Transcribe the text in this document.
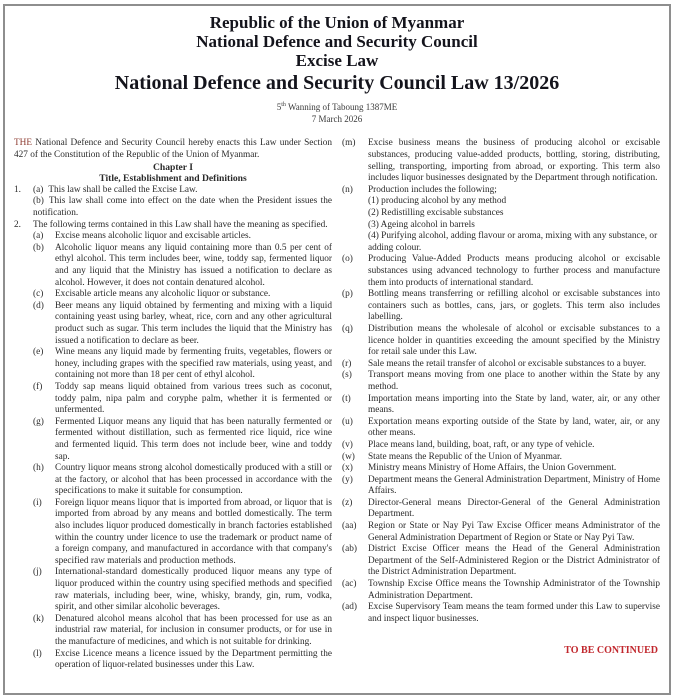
Republic of the Union of Myanmar
National Defence and Security Council
Excise Law
National Defence and Security Council Law 13/2026
5th Wanning of Taboung 1387ME
7 March 2026
THE National Defence and Security Council hereby enacts this Law under Section 427 of the Constitution of the Republic of the Union of Myanmar.
Chapter I
Title, Establishment and Definitions
1. (a) This law shall be called the Excise Law.
(b) This law shall come into effect on the date when the President issues the notification.
2. The following terms contained in this Law shall have the meaning as specified.
(a) Excise means alcoholic liquor and excisable articles.
(b) Alcoholic liquor means any liquid containing more than 0.5 per cent of ethyl alcohol. This term includes beer, wine, toddy sap, fermented liquor and any liquid that the Ministry has issued a notification to declare as alcohol. However, it does not contain denatured alcohol.
(c) Excisable article means any alcoholic liquor or substance.
(d) Beer means any liquid obtained by fermenting and mixing with a liquid containing yeast using barley, wheat, rice, corn and any other agricultural product such as sugar. This term includes the liquid that the Ministry has issued a notification to declare as beer.
(e) Wine means any liquid made by fermenting fruits, vegetables, flowers or honey, including grapes with the specified raw materials, using yeast, and containing not more than 18 per cent of ethyl alcohol.
(f) Toddy sap means liquid obtained from various trees such as coconut, toddy palm, nipa palm and coryphe palm, whether it is fermented or unfermented.
(g) Fermented Liquor means any liquid that has been naturally fermented or fermented without distillation, such as fermented rice liquid, rice wine and fermented liquid. This term does not include beer, wine and toddy sap.
(h) Country liquor means strong alcohol domestically produced with a still or at the factory, or alcohol that has been processed in accordance with the specifications to make it suitable for consumption.
(i) Foreign liquor means liquor that is imported from abroad, or liquor that is imported from abroad by any means and bottled domestically. The term also includes liquor produced domestically in branch factories established within the country under licence to use the trademark or product name of a foreign company, and manufactured in accordance with that company's specified raw materials and production methods.
(j) International-standard domestically produced liquor means any type of liquor produced within the country using specified methods and specified raw materials, including beer, wine, whisky, brandy, gin, rum, vodka, spirit, and other similar alcoholic beverages.
(k) Denatured alcohol means alcohol that has been processed for use as an industrial raw material, for inclusion in consumer products, or for use in the manufacture of medicines, and which is not suitable for drinking.
(l) Excise Licence means a licence issued by the Department permitting the operation of liquor-related businesses under this Law.
(m) Excise business means the business of producing alcohol or excisable substances, producing value-added products, bottling, storing, distributing, selling, transporting, importing from abroad, or exporting. This term also includes liquor businesses designated by the Department through notification.
(n) Production includes the following;
(1) producing alcohol by any method
(2) Redistilling excisable substances
(3) Ageing alcohol in barrels
(4) Purifying alcohol, adding flavour or aroma, mixing with any substance, or adding colour.
(o) Producing Value-Added Products means producing alcohol or excisable substances using advanced technology to further process and manufacture them into products of international standard.
(p) Bottling means transferring or refilling alcohol or excisable substances into containers such as bottles, cans, jars, or goglets. This term also includes labelling.
(q) Distribution means the wholesale of alcohol or excisable substances to a licence holder in quantities exceeding the amount specified by the Ministry for retail sale under this Law.
(r) Sale means the retail transfer of alcohol or excisable substances to a buyer.
(s) Transport means moving from one place to another within the State by any method.
(t) Importation means importing into the State by land, water, air, or any other means.
(u) Exportation means exporting outside of the State by land, water, air, or any other means.
(v) Place means land, building, boat, raft, or any type of vehicle.
(w) State means the Republic of the Union of Myanmar.
(x) Ministry means Ministry of Home Affairs, the Union Government.
(y) Department means the General Administration Department, Ministry of Home Affairs.
(z) Director-General means Director-General of the General Administration Department.
(aa) Region or State or Nay Pyi Taw Excise Officer means Administrator of the General Administration Department of Region or State or Nay Pyi Taw.
(ab) District Excise Officer means the Head of the General Administration Department of the Self-Administered Region or the District Administrator of the District Administration Department.
(ac) Township Excise Office means the Township Administrator of the Township Administration Department.
(ad) Excise Supervisory Team means the team formed under this Law to supervise and inspect liquor businesses.
TO BE CONTINUED
